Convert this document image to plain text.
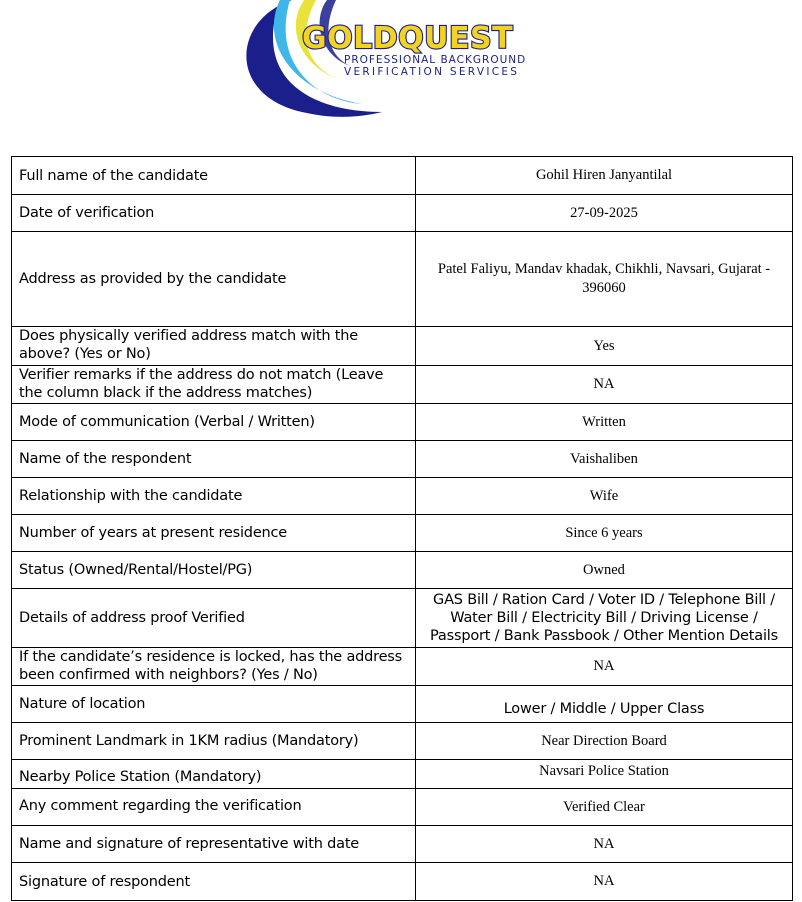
GOLDQUEST
PROFESSIONAL BACKGROUND
VERIFICATION SERVICES
Full name of the candidate	Gohil Hiren Janyantilal
Date of verification	27-09-2025
Address as provided by the candidate	Patel Faliyu, Mandav khadak, Chikhli, Navsari, Gujarat - 396060
Does physically verified address match with the above? (Yes or No)	Yes
Verifier remarks if the address do not match (Leave the column black if the address matches)	NA
Mode of communication (Verbal / Written)	Written
Name of the respondent	Vaishaliben
Relationship with the candidate	Wife
Number of years at present residence	Since 6 years
Status (Owned/Rental/Hostel/PG)	Owned
Details of address proof Verified	GAS Bill / Ration Card / Voter ID / Telephone Bill / Water Bill / Electricity Bill / Driving License / Passport / Bank Passbook / Other Mention Details
If the candidate’s residence is locked, has the address been confirmed with neighbors? (Yes / No)	NA
Nature of location	Lower / Middle / Upper Class
Prominent Landmark in 1KM radius (Mandatory)	Near Direction Board
Nearby Police Station (Mandatory)	Navsari Police Station
Any comment regarding the verification	Verified Clear
Name and signature of representative with date	NA
Signature of respondent	NA
